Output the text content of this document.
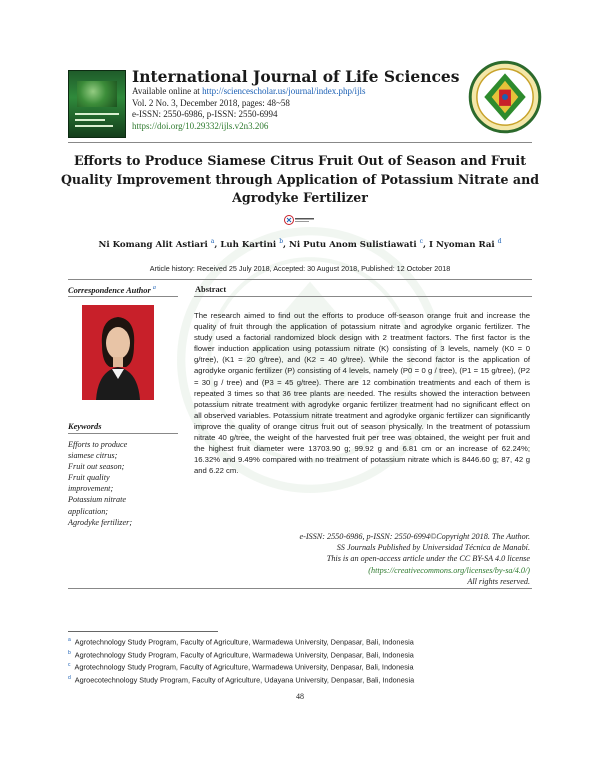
International Journal of Life Sciences
Available online at http://sciencescholar.us/journal/index.php/ijls
Vol. 2 No. 3, December 2018, pages: 48~58
e-ISSN: 2550-6986, p-ISSN: 2550-6994
https://doi.org/10.29332/ijls.v2n3.206
Efforts to Produce Siamese Citrus Fruit Out of Season and Fruit Quality Improvement through Application of Potassium Nitrate and Agrodyke Fertilizer
Ni Komang Alit Astiari $^a$, Luh Kartini $^b$, Ni Putu Anom Sulistiawati $^c$, I Nyoman Rai $^d$
Article history: Received 25 July 2018, Accepted: 30 August 2018, Published: 12 October 2018
Correspondence Author $^a$
Keywords
Efforts to produce
siamese citrus;
Fruit out season;
Fruit quality
improvement;
Potassium nitrate
application;
Agrodyke fertilizer;
Abstract
The research aimed to find out the efforts to produce off-season orange fruit and increase the quality of fruit through the application of potassium nitrate and agrodyke organic fertilizer. The study used a factorial randomized block design with 2 treatment factors. The first factor is the flower induction application using potassium nitrate (K) consisting of 3 levels, namely (K0 = 0 g/tree), (K1 = 20 g/tree), and (K2 = 40 g/tree). While the second factor is the application of agrodyke organic fertilizer (P) consisting of 4 levels, namely (P0 = 0 g / tree), (P1 = 15 g/tree), (P2 = 30 g / tree) and (P3 = 45 g/tree). There are 12 combination treatments and each of them is repeated 3 times so that 36 tree plants are needed. The results showed the interaction between potassium nitrate treatment with agrodyke organic fertilizer treatment had no significant effect on all observed variables. Potassium nitrate treatment and agrodyke organic fertilizer can significantly improve the quality of orange citrus fruit out of season physically. In the treatment of potassium nitrate 40 g/tree, the weight of the harvested fruit per tree was obtained, the weight per fruit and the highest fruit diameter were 13703.90 g; 99.92 g and 6.81 cm or an increase of 62.24%; 16.32% and 9.49% compared with no treatment of potassium nitrate which is 8446.60 g; 87, 42 g and 6.22 cm.
e-ISSN: 2550-6986, p-ISSN: 2550-6994©Copyright 2018. The Author.
SS Journals Published by Universidad Técnica de Manabí.
This is an open-access article under the CC BY-SA 4.0 license
(https://creativecommons.org/licenses/by-sa/4.0/)
All rights reserved.
$^a$ Agrotechnology Study Program, Faculty of Agriculture, Warmadewa University, Denpasar, Bali, Indonesia
$^b$ Agrotechnology Study Program, Faculty of Agriculture, Warmadewa University, Denpasar, Bali, Indonesia
$^c$ Agrotechnology Study Program, Faculty of Agriculture, Warmadewa University, Denpasar, Bali, Indonesia
$^d$ Agroecotechnology Study Program, Faculty of Agriculture, Udayana University, Denpasar, Bali, Indonesia
48
